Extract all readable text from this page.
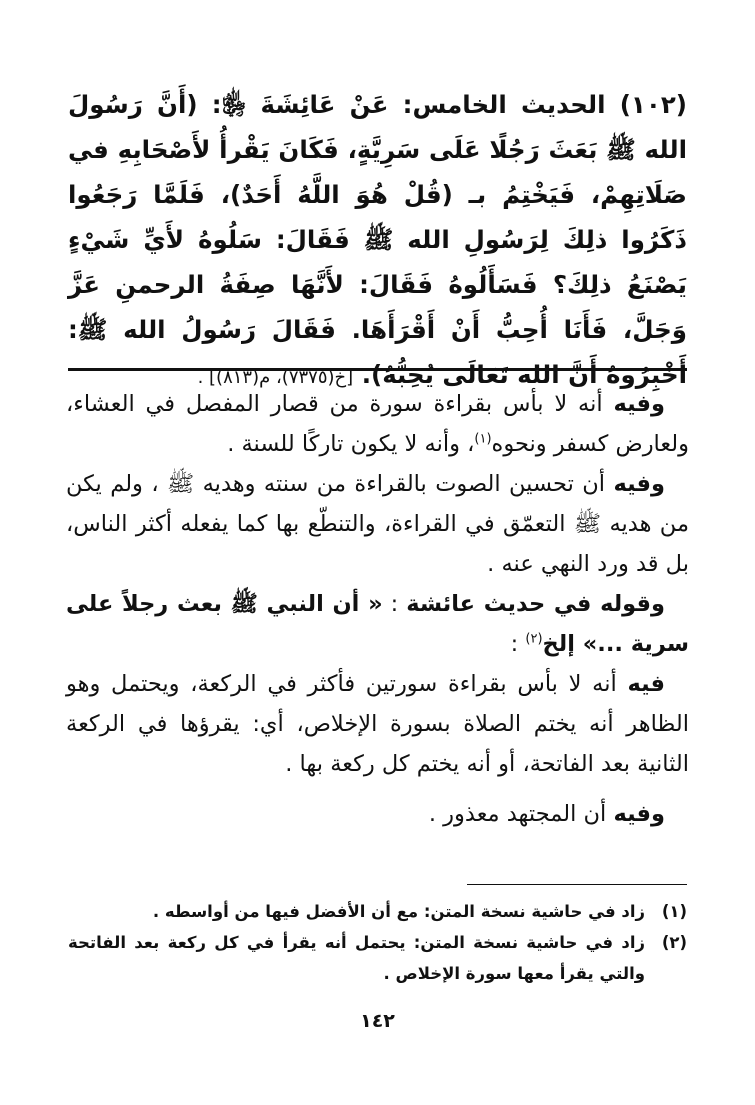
(١٠٢) الحديث الخامس: عَنْ عَائِشَةَ ﵂: (أَنَّ رَسُولَ الله ﷺ بَعَثَ رَجُلًا عَلَى سَرِيَّةٍ، فَكَانَ يَقْرأُ لأَصْحَابِهِ في صَلَاتِهِمْ، فَيَخْتِمُ بـ (قُلْ هُوَ اللَّهُ أَحَدٌ)، فَلَمَّا رَجَعُوا ذَكَرُوا ذلِكَ لِرَسُولِ الله ﷺ فَقَالَ: سَلُوهُ لأَيِّ شَيْءٍ يَصْنَعُ ذلِكَ؟ فَسَأَلُوهُ فَقَالَ: لأَنَّهَا صِفَةُ الرحمنِ عَزَّ وَجَلَّ، فَأَنَا أُحِبُّ أَنْ أَقْرَأَهَا. فَقَالَ رَسُولُ الله ﷺ: أَخْبِرُوهُ أَنَّ الله تَعَالَى يُحِبُّهُ). [خ(٧٣٧٥)، م(٨١٣)] .

وفيه أنه لا بأس بقراءة سورة من قصار المفصل في العشاء، ولعارض كسفر ونحوه$^{(١)}$، وأنه لا يكون تاركًا للسنة .

وفيه أن تحسين الصوت بالقراءة من سنته وهديه ﷺ ، ولم يكن من هديه ﷺ التعمّق في القراءة، والتنطّع بها كما يفعله أكثر الناس، بل قد ورد النهي عنه .

وقوله في حديث عائشة : « أن النبي ﷺ بعث رجلاً على سرية ...» إلخ$^{(٢)}$ :

فيه أنه لا بأس بقراءة سورتين فأكثر في الركعة، ويحتمل وهو الظاهر أنه يختم الصلاة بسورة الإخلاص، أي: يقرؤها في الركعة الثانية بعد الفاتحة، أو أنه يختم كل ركعة بها .

وفيه أن المجتهد معذور .

(١)
زاد في حاشية نسخة المتن: مع أن الأفضل فيها من أواسطه .
(٢)
زاد في حاشية نسخة المتن: يحتمل أنه يقرأ في كل ركعة بعد الفاتحة والتي يقرأ معها سورة الإخلاص .
١٤٢
